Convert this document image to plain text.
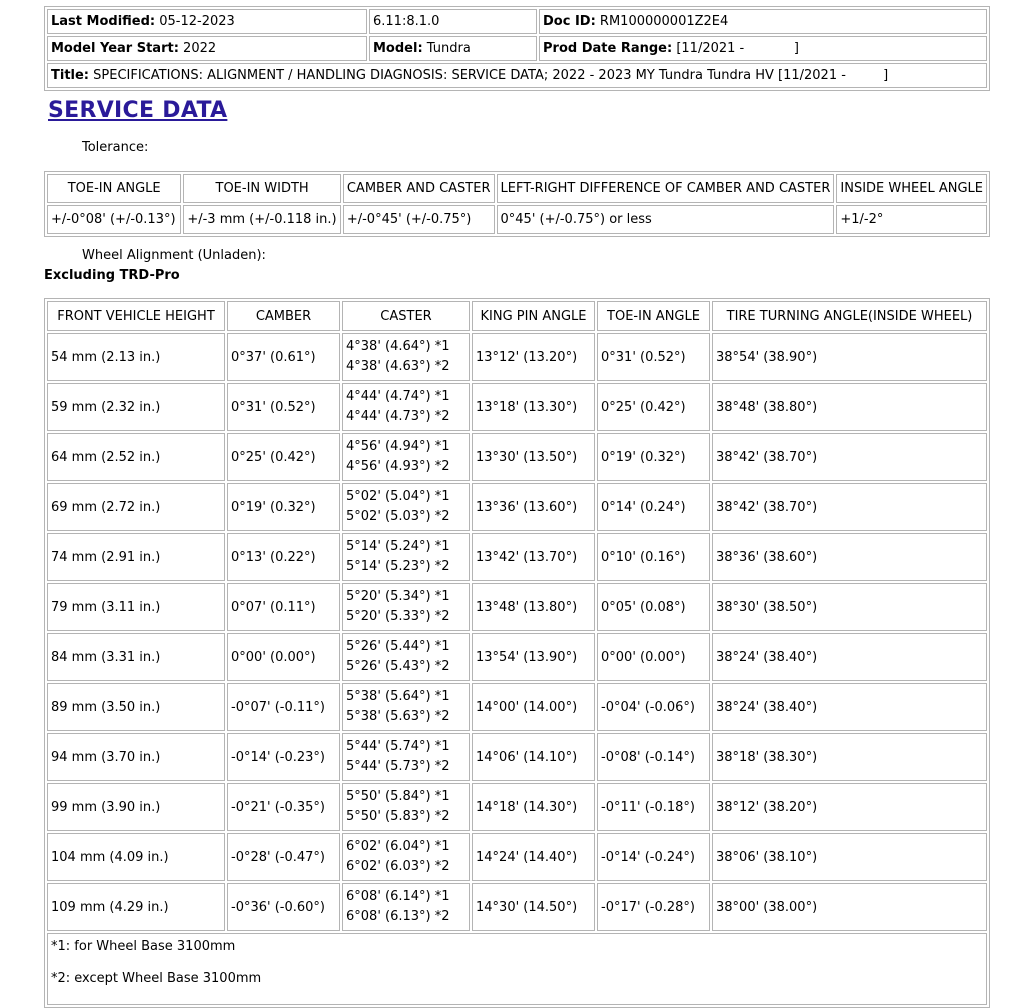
Last Modified: 05-12-2023	6.11:8.1.0	Doc ID: RM100000001Z2E4
Model Year Start: 2022	Model: Tundra	Prod Date Range: [11/2021 -            ]
Title: SPECIFICATIONS: ALIGNMENT / HANDLING DIAGNOSIS: SERVICE DATA; 2022 - 2023 MY Tundra Tundra HV [11/2021 -         ]		
SERVICE DATA

Tolerance:

TOE-IN ANGLE	TOE-IN WIDTH	CAMBER AND CASTER	LEFT-RIGHT DIFFERENCE OF CAMBER AND CASTER	INSIDE WHEEL ANGLE
+/-0°08' (+/-0.13°)	+/-3 mm (+/-0.118 in.)	+/-0°45' (+/-0.75°)	0°45' (+/-0.75°) or less	+1/-2°

Wheel Alignment (Unladen):

Excluding TRD-Pro

FRONT VEHICLE HEIGHT	CAMBER	CASTER	KING PIN ANGLE	TOE-IN ANGLE	TIRE TURNING ANGLE(INSIDE WHEEL)
54 mm (2.13 in.)	0°37' (0.61°)	4°38' (4.64°) *1
4°38' (4.63°) *2	13°12' (13.20°)	0°31' (0.52°)	38°54' (38.90°)
59 mm (2.32 in.)	0°31' (0.52°)	4°44' (4.74°) *1
4°44' (4.73°) *2	13°18' (13.30°)	0°25' (0.42°)	38°48' (38.80°)
64 mm (2.52 in.)	0°25' (0.42°)	4°56' (4.94°) *1
4°56' (4.93°) *2	13°30' (13.50°)	0°19' (0.32°)	38°42' (38.70°)
69 mm (2.72 in.)	0°19' (0.32°)	5°02' (5.04°) *1
5°02' (5.03°) *2	13°36' (13.60°)	0°14' (0.24°)	38°42' (38.70°)
74 mm (2.91 in.)	0°13' (0.22°)	5°14' (5.24°) *1
5°14' (5.23°) *2	13°42' (13.70°)	0°10' (0.16°)	38°36' (38.60°)
79 mm (3.11 in.)	0°07' (0.11°)	5°20' (5.34°) *1
5°20' (5.33°) *2	13°48' (13.80°)	0°05' (0.08°)	38°30' (38.50°)
84 mm (3.31 in.)	0°00' (0.00°)	5°26' (5.44°) *1
5°26' (5.43°) *2	13°54' (13.90°)	0°00' (0.00°)	38°24' (38.40°)
89 mm (3.50 in.)	-0°07' (-0.11°)	5°38' (5.64°) *1
5°38' (5.63°) *2	14°00' (14.00°)	-0°04' (-0.06°)	38°24' (38.40°)
94 mm (3.70 in.)	-0°14' (-0.23°)	5°44' (5.74°) *1
5°44' (5.73°) *2	14°06' (14.10°)	-0°08' (-0.14°)	38°18' (38.30°)
99 mm (3.90 in.)	-0°21' (-0.35°)	5°50' (5.84°) *1
5°50' (5.83°) *2	14°18' (14.30°)	-0°11' (-0.18°)	38°12' (38.20°)
104 mm (4.09 in.)	-0°28' (-0.47°)	6°02' (6.04°) *1
6°02' (6.03°) *2	14°24' (14.40°)	-0°14' (-0.24°)	38°06' (38.10°)
109 mm (4.29 in.)	-0°36' (-0.60°)	6°08' (6.14°) *1
6°08' (6.13°) *2	14°30' (14.50°)	-0°17' (-0.28°)	38°00' (38.00°)

*1: for Wheel Base 3100mm

*2: except Wheel Base 3100mm					
